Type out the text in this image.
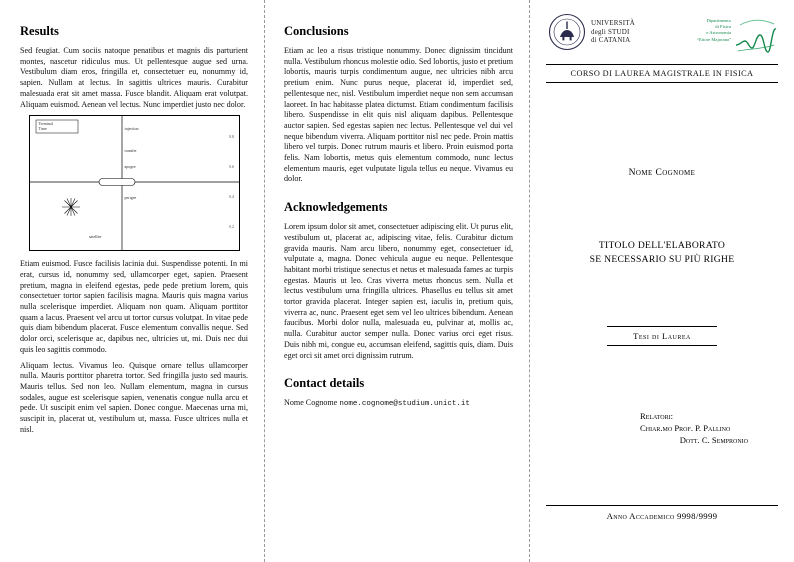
Results

Sed feugiat. Cum sociis natoque penatibus et magnis dis parturient montes, nascetur ridiculus mus. Ut pellentesque augue sed urna. Vestibulum diam eros, fringilla et, consectetuer eu, nonummy id, sapien. Nullam at lectus. In sagittis ultrices mauris. Curabitur malesuada erat sit amet massa. Fusce blandit. Aliquam erat volutpat. Aliquam euismod. Aenean vel lectus. Nunc imperdiet justo nec dolor.

Terminal
Time	injection
transfer
apogee
perigee
0.8
0.6
0.4
0.2
satellite

Etiam euismod. Fusce facilisis lacinia dui. Suspendisse potenti. In mi erat, cursus id, nonummy sed, ullamcorper eget, sapien. Praesent pretium, magna in eleifend egestas, pede pede pretium lorem, quis consectetuer tortor sapien facilisis magna. Mauris quis magna varius nulla scelerisque imperdiet. Aliquam non quam. Aliquam porttitor quam a lacus. Praesent vel arcu ut tortor cursus volutpat. In vitae pede quis diam bibendum placerat. Fusce elementum convallis neque. Sed dolor orci, scelerisque ac, dapibus nec, ultricies ut, mi. Duis nec dui quis leo sagittis commodo.

Aliquam lectus. Vivamus leo. Quisque ornare tellus ullamcorper nulla. Mauris porttitor pharetra tortor. Sed fringilla justo sed mauris. Mauris tellus. Sed non leo. Nullam elementum, magna in cursus sodales, augue est scelerisque sapien, venenatis congue nulla arcu et pede. Ut suscipit enim vel sapien. Donec congue. Maecenas urna mi, suscipit in, placerat ut, vestibulum ut, massa. Fusce ultrices nulla et nisl.

Conclusions

Etiam ac leo a risus tristique nonummy. Donec dignissim tincidunt nulla. Vestibulum rhoncus molestie odio. Sed lobortis, justo et pretium lobortis, mauris turpis condimentum augue, nec ultricies nibh arcu pretium enim. Nunc purus neque, placerat id, imperdiet sed, pellentesque nec, nisl. Vestibulum imperdiet neque non sem accumsan laoreet. In hac habitasse platea dictumst. Etiam condimentum facilisis libero. Suspendisse in elit quis nisl aliquam dapibus. Pellentesque auctor sapien. Sed egestas sapien nec lectus. Pellentesque vel dui vel neque bibendum viverra. Aliquam porttitor nisl nec pede. Proin mattis libero vel turpis. Donec rutrum mauris et libero. Proin euismod porta felis. Nam lobortis, metus quis elementum commodo, nunc lectus elementum mauris, eget vulputate ligula tellus eu neque. Vivamus eu dolor.

Acknowledgements

Lorem ipsum dolor sit amet, consectetuer adipiscing elit. Ut purus elit, vestibulum ut, placerat ac, adipiscing vitae, felis. Curabitur dictum gravida mauris. Nam arcu libero, nonummy eget, consectetuer id, vulputate a, magna. Donec vehicula augue eu neque. Pellentesque habitant morbi tristique senectus et netus et malesuada fames ac turpis egestas. Mauris ut leo. Cras viverra metus rhoncus sem. Nulla et lectus vestibulum urna fringilla ultrices. Phasellus eu tellus sit amet tortor gravida placerat. Integer sapien est, iaculis in, pretium quis, viverra ac, nunc. Praesent eget sem vel leo ultrices bibendum. Aenean faucibus. Morbi dolor nulla, malesuada eu, pulvinar at, mollis ac, nulla. Curabitur auctor semper nulla. Donec varius orci eget risus. Duis nibh mi, congue eu, accumsan eleifend, sagittis quis, diam. Duis eget orci sit amet orci dignissim rutrum.

Contact details

Nome Cognome nome.cognome@studium.unict.it

UNIVERSITÀ
degli STUDI
di CATANIA
Dipartimento
di Fisica
e Astronomia
“Ettore Majorana”
CORSO DI LAUREA MAGISTRALE IN FISICA
Nome Cognome
TITOLO DELL'ELABORATO
SE NECESSARIO SU PIÙ RIGHE
Tesi di Laurea
Relatori:
Chiar.mo Prof. P. Pallino
Dott. C. Sempronio
Anno Accademico 9998/9999
